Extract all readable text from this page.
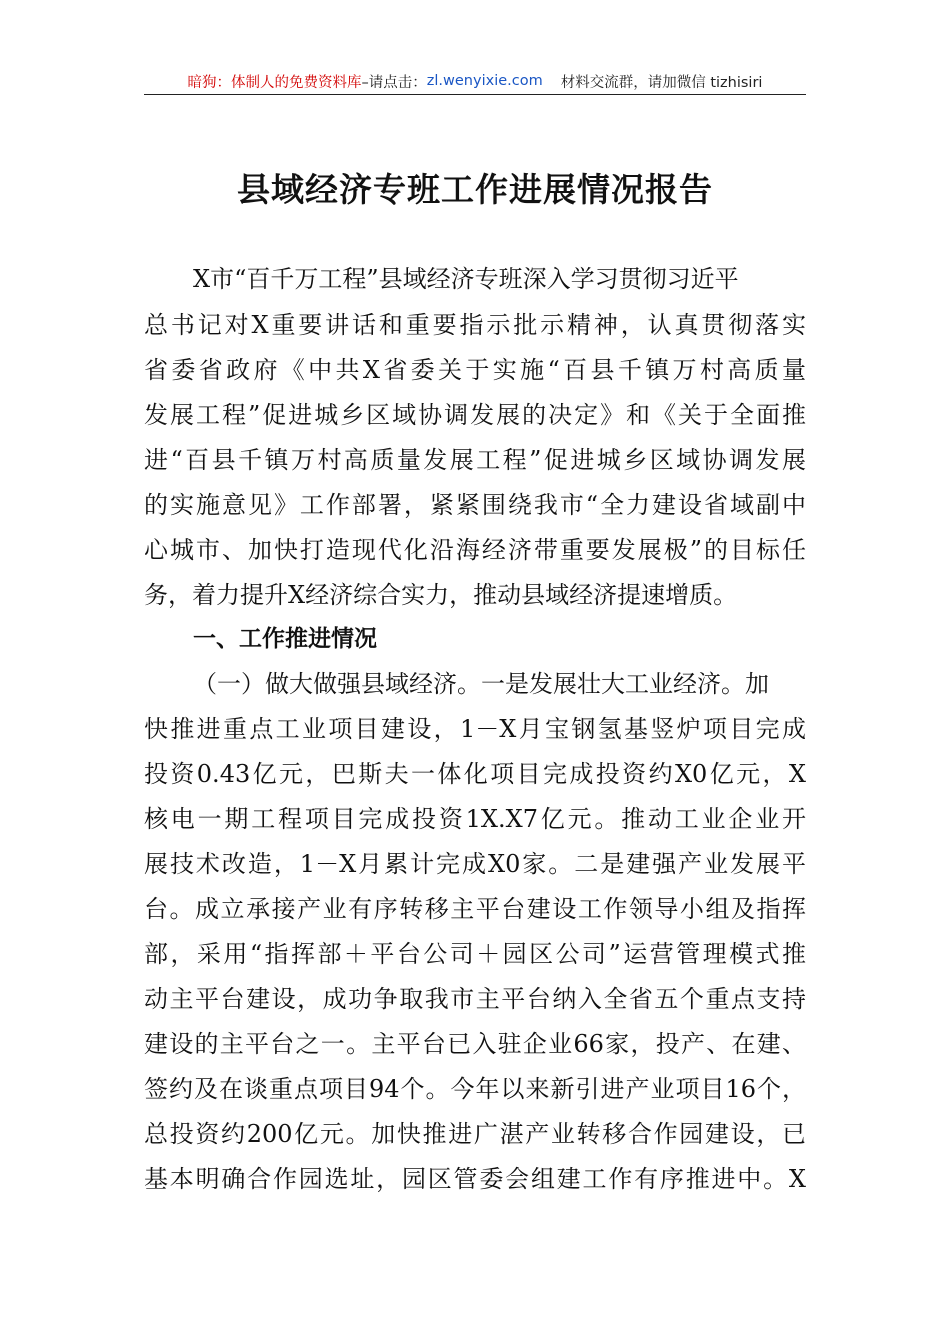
暗狗：体制人的免费资料库 –请点击： zl.wenyixie.com 材料交流群，请加微信 tizhisiri
县域经济专班工作进展情况报告
X市“百千万工程”县域经济专班深入学习贯彻习近平
总书记对X重要讲话和重要指示批示精神，认真贯彻落实
省委省政府《中共X省委关于实施“百县千镇万村高质量
发展工程”促进城乡区域协调发展的决定》和《关于全面推
进“百县千镇万村高质量发展工程”促进城乡区域协调发展
的实施意见》工作部署，紧紧围绕我市“全力建设省域副中
心城市、加快打造现代化沿海经济带重要发展极”的目标任
务，着力提升X经济综合实力，推动县域经济提速增质。
一、工作推进情况
（一）做大做强县域经济。一是发展壮大工业经济。加
快推进重点工业项目建设，1－X月宝钢氢基竖炉项目完成
投资0.43亿元，巴斯夫一体化项目完成投资约X0亿元，X
核电一期工程项目完成投资1X.X7亿元。推动工业企业开
展技术改造，1－X月累计完成X0家。二是建强产业发展平
台。成立承接产业有序转移主平台建设工作领导小组及指挥
部，采用“指挥部＋平台公司＋园区公司”运营管理模式推
动主平台建设，成功争取我市主平台纳入全省五个重点支持
建设的主平台之一。主平台已入驻企业66家，投产、在建、
签约及在谈重点项目94个。今年以来新引进产业项目16个，
总投资约200亿元。加快推进广湛产业转移合作园建设，已
基本明确合作园选址，园区管委会组建工作有序推进中。X
